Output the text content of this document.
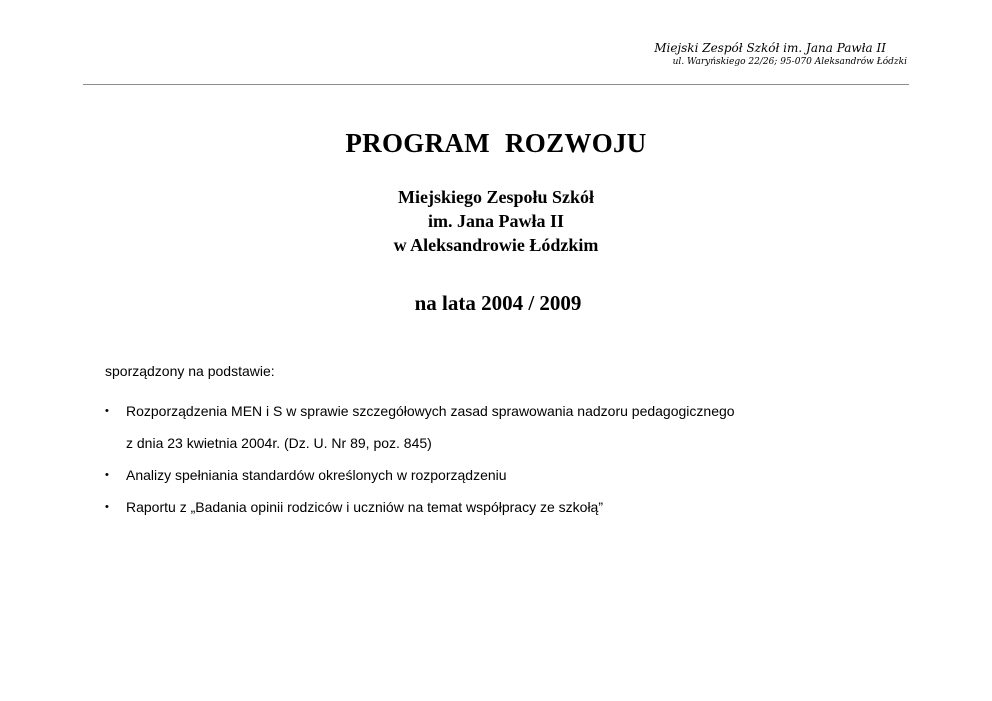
Miejski Zespół Szkół im. Jana Pawła II
ul. Waryńskiego 22/26; 95-070 Aleksandrów Łódzki
PROGRAM ROZWOJU
Miejskiego Zespołu Szkół
im. Jana Pawła II
w Aleksandrowie Łódzkim
na lata 2004 / 2009
sporządzony na podstawie:
• Rozporządzenia MEN i S w sprawie szczegółowych zasad sprawowania nadzoru pedagogicznego
z dnia 23 kwietnia 2004r. (Dz. U. Nr 89, poz. 845)
• Analizy spełniania standardów określonych w rozporządzeniu
• Raportu z „Badania opinii rodziców i uczniów na temat współpracy ze szkołą”
